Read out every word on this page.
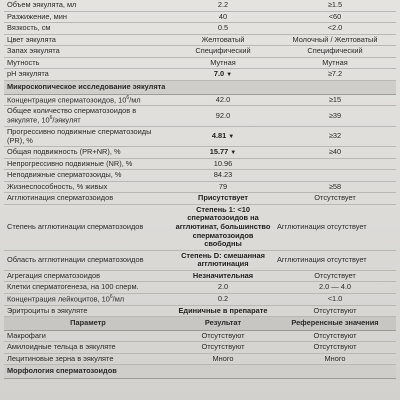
Объем эякулята, мл	2.2	≥1.5
Разжижение, мин	40	<60
Вязкость, см	0.5	<2.0
Цвет эякулята	Желтоватый	Молочный / Желтоватый
Запах эякулята	Специфический	Специфический
Мутность	Мутная	Мутная
pH эякулята	7.0 ▼	≥7.2
Микроскопическое исследование эякулята		
Концентрация сперматозоидов, $10^6/мл$	42.0	≥15
Общее количество сперматозоидов в эякуляте, $10^6$/эякулят	92.0	≥39
Прогрессивно подвижные сперматозоиды (PR), %	4.81 ▼	≥32
Общая подвижность (PR+NR), %	15.77 ▼	≥40
Непрогрессивно подвижные (NR), %	10.96	
Неподвижные сперматозоиды, %	84.23	
Жизнеспособность, % живых	79	≥58
Агглютинация сперматозоидов	Присутствует	Отсутствует
Степень агглютинации сперматозоидов	Степень 1: <10 сперматозоидов на агглютинат, большинство сперматозоидов свободны	Агглютинация отсутствует
Область агглютинации сперматозоидов	Степень D: смешанная агглютинация	Агглютинация отсутствует
Агрегация сперматозоидов	Незначительная	Отсутствует
Клетки сперматогенеза, на 100 сперм.	2.0	2.0 — 4.0
Концентрация лейкоцитов, $10^6/мл$	0.2	<1.0
Эритроциты в эякуляте	Единичные в препарате	Отсутствуют
Параметр	Результат	Референсные значения
Макрофаги	Отсутствуют	Отсутствуют
Амилоидные тельца в эякуляте	Отсутствуют	Отсутствуют
Лецитиновые зерна в эякуляте	Много	Много
Морфология сперматозоидов		
